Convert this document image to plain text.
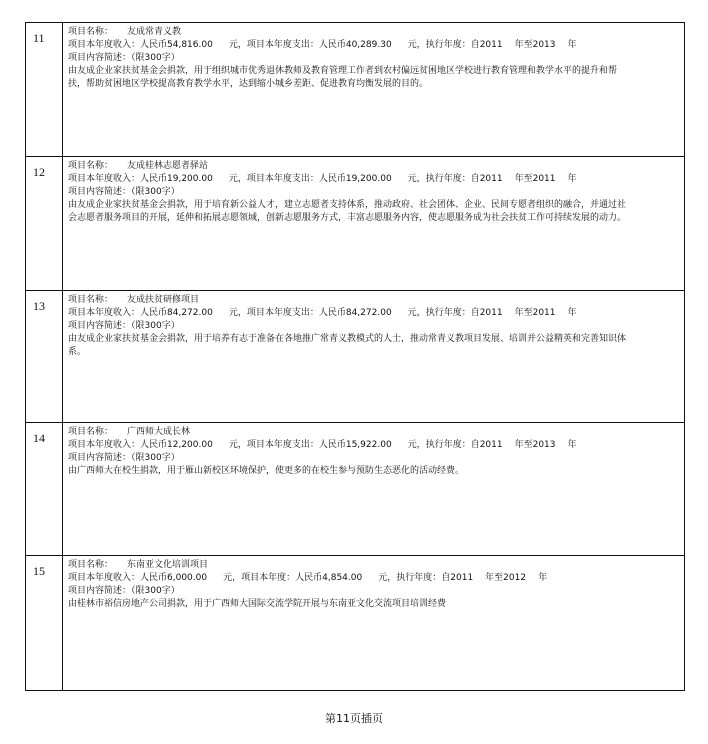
11	项目名称： 友成常青义教
项目本年度收入：人民币54,816.00 元，项目本年度支出：人民币40,289.30 元，执行年度：自2011 年至2013 年
项目内容简述：（限300字）
由友成企业家扶贫基金会捐款，用于组织城市优秀退休教师及教育管理工作者到农村偏远贫困地区学校进行教育管理和教学水平的提升和帮扶，帮助贫困地区学校提高教育教学水平，达到缩小城乡差距、促进教育均衡发展的目的。
12	项目名称： 友成桂林志愿者驿站
项目本年度收入：人民币19,200.00 元，项目本年度支出：人民币19,200.00 元，执行年度：自2011 年至2011 年
项目内容简述：（限300字）
由友成企业家扶贫基金会捐款，用于培育新公益人才，建立志愿者支持体系，推动政府、社会团体、企业、民间专愿者组织的融合，并通过社会志愿者服务项目的开展，延伸和拓展志愿领域，创新志愿服务方式，丰富志愿服务内容，使志愿服务成为社会扶贫工作可持续发展的动力。
13	项目名称： 友成扶贫研修项目
项目本年度收入：人民币84,272.00 元，项目本年度支出：人民币84,272.00 元，执行年度：自2011 年至2011 年
项目内容简述：（限300字）
由友成企业家扶贫基金会捐款，用于培养有志于准备在各地推广常青义教模式的人士，推动常青义教项目发展、培训并公益精英和完善知识体系。
14	项目名称： 广西师大成长林
项目本年度收入：人民币12,200.00 元，项目本年度支出：人民币15,922.00 元，执行年度：自2011 年至2013 年
项目内容简述：（限300字）
由广西师大在校生捐款，用于雁山新校区环境保护，使更多的在校生参与预防生态恶化的活动经费。
15	项目名称： 东南亚文化培训项目
项目本年度收入：人民币6,000.00 元，项目本年度：人民币4,854.00 元，执行年度：自2011 年至2012 年
项目内容简述：（限300字）
由桂林市裕信房地产公司捐款，用于广西师大国际交流学院开展与东南亚文化交流项目培训经费
第11页插页
